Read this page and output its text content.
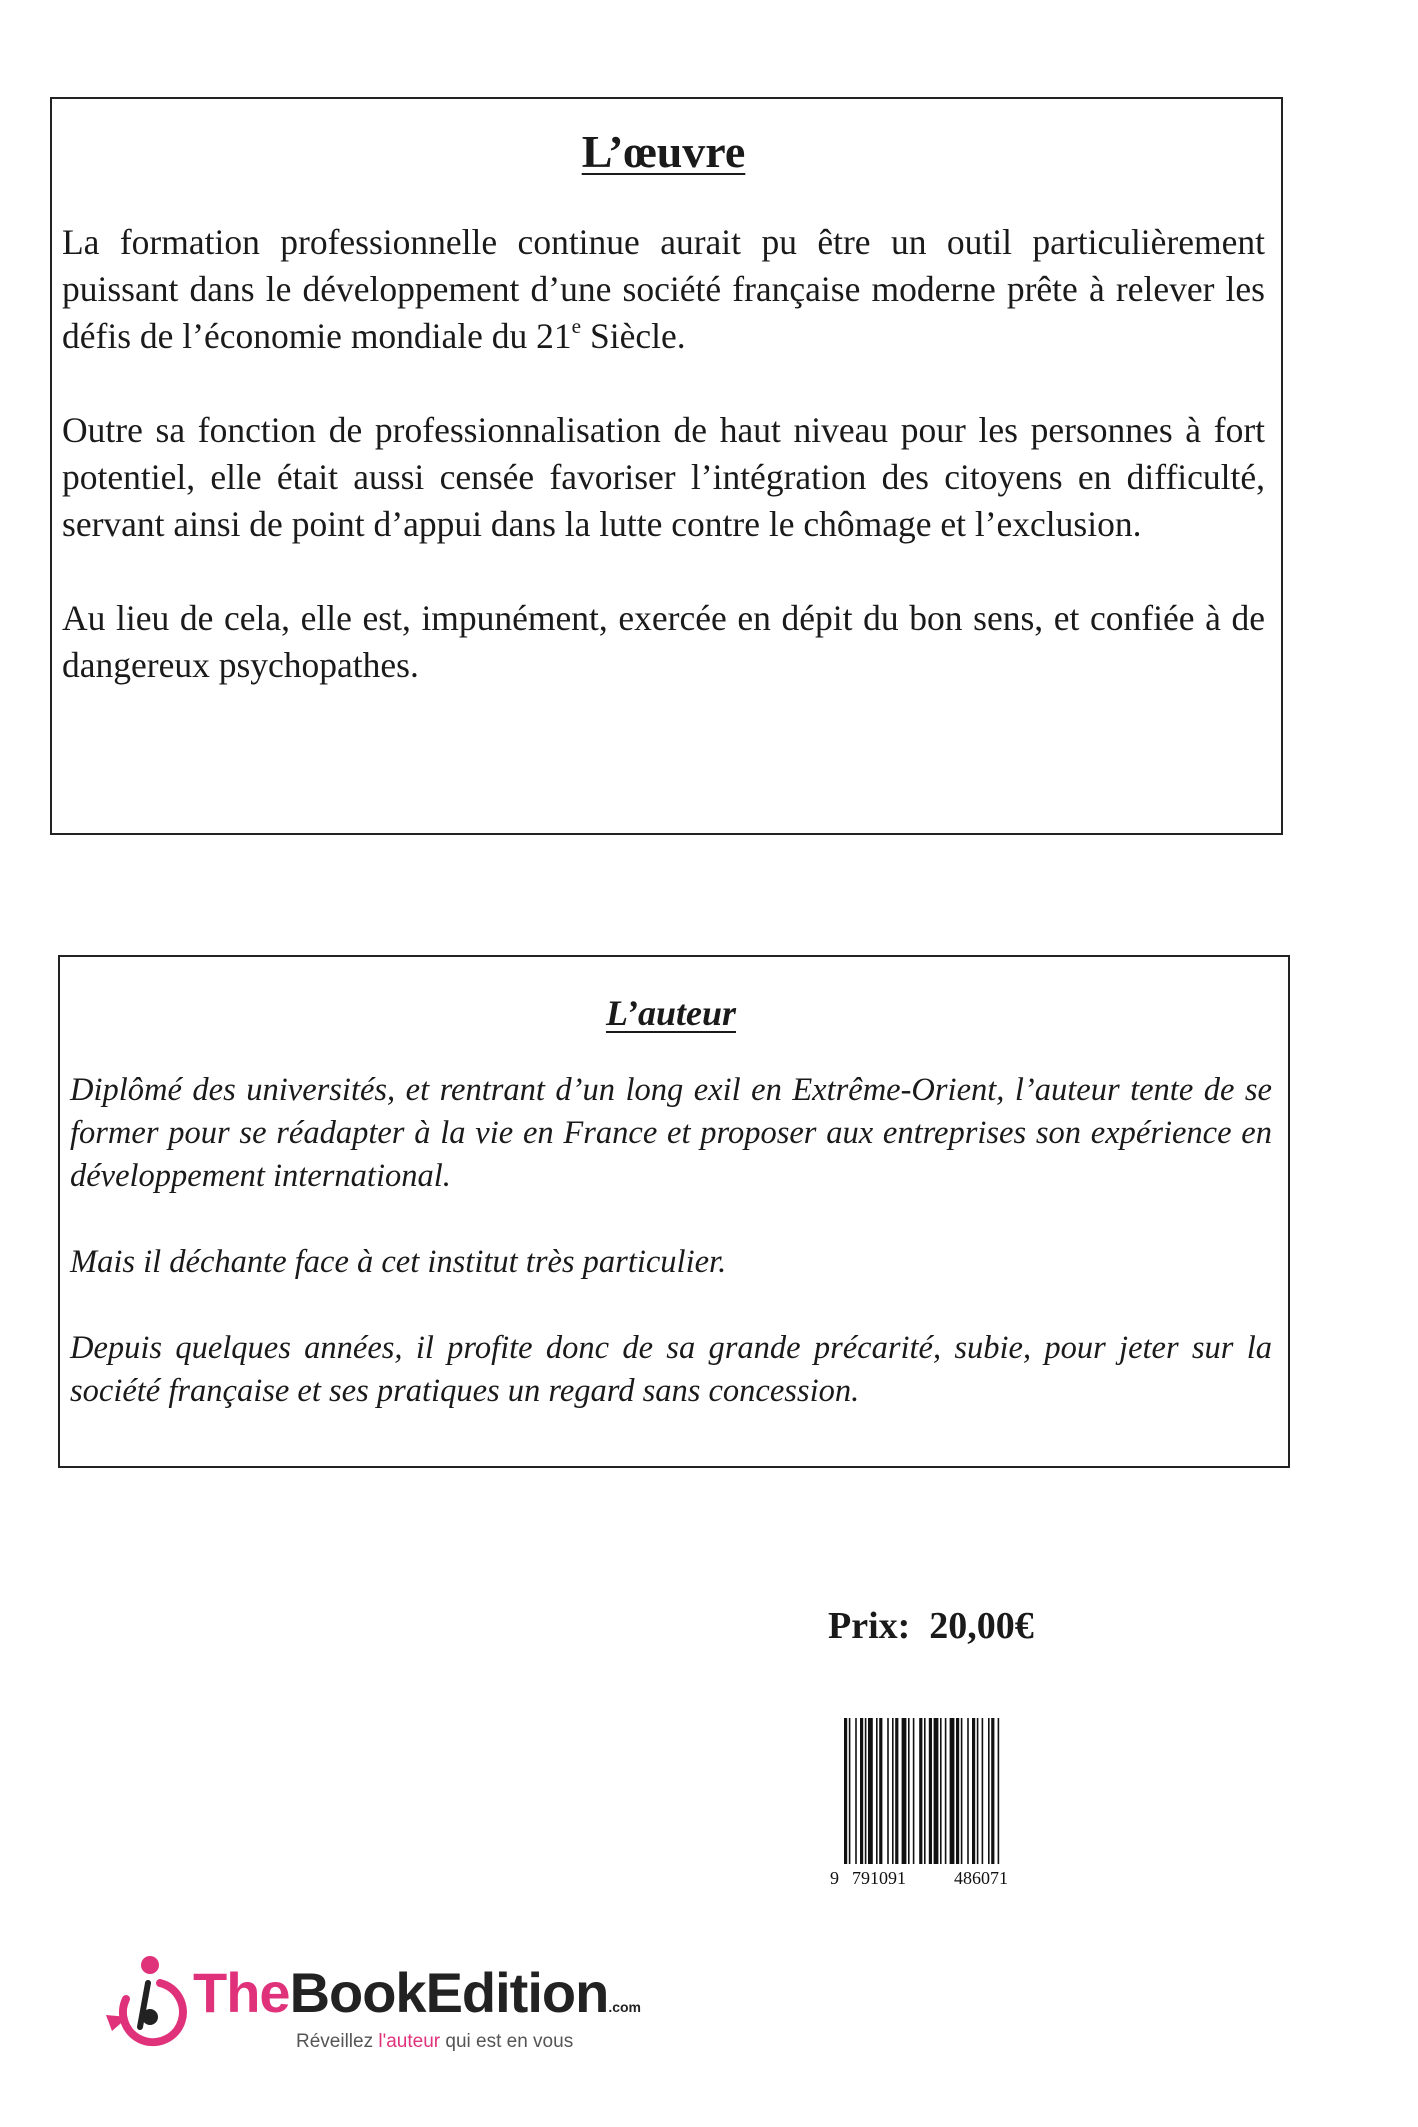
L’œuvre

La formation professionnelle continue aurait pu être un outil particulièrement puissant dans le développement d’une société française moderne prête à relever les défis de l’économie mondiale du 21e Siècle.

Outre sa fonction de professionnalisation de haut niveau pour les personnes à fort potentiel, elle était aussi censée favoriser l’intégration des citoyens en difficulté, servant ainsi de point d’appui dans la lutte contre le chômage et l’exclusion.

Au lieu de cela, elle est, impunément, exercée en dépit du bon sens, et confiée à de dangereux psychopathes.

L’auteur

Diplômé des universités, et rentrant d’un long exil en Extrême-Orient, l’auteur tente de se former pour se réadapter à la vie en France et proposer aux entreprises son expérience en développement international.

Mais il déchante face à cet institut très particulier.

Depuis quelques années, il profite donc de sa grande précarité, subie, pour jeter sur la société française et ses pratiques un regard sans concession.

Prix:  20,00€
9 791091	486071
TheBookEdition.com
Réveillez l'auteur qui est en vous
